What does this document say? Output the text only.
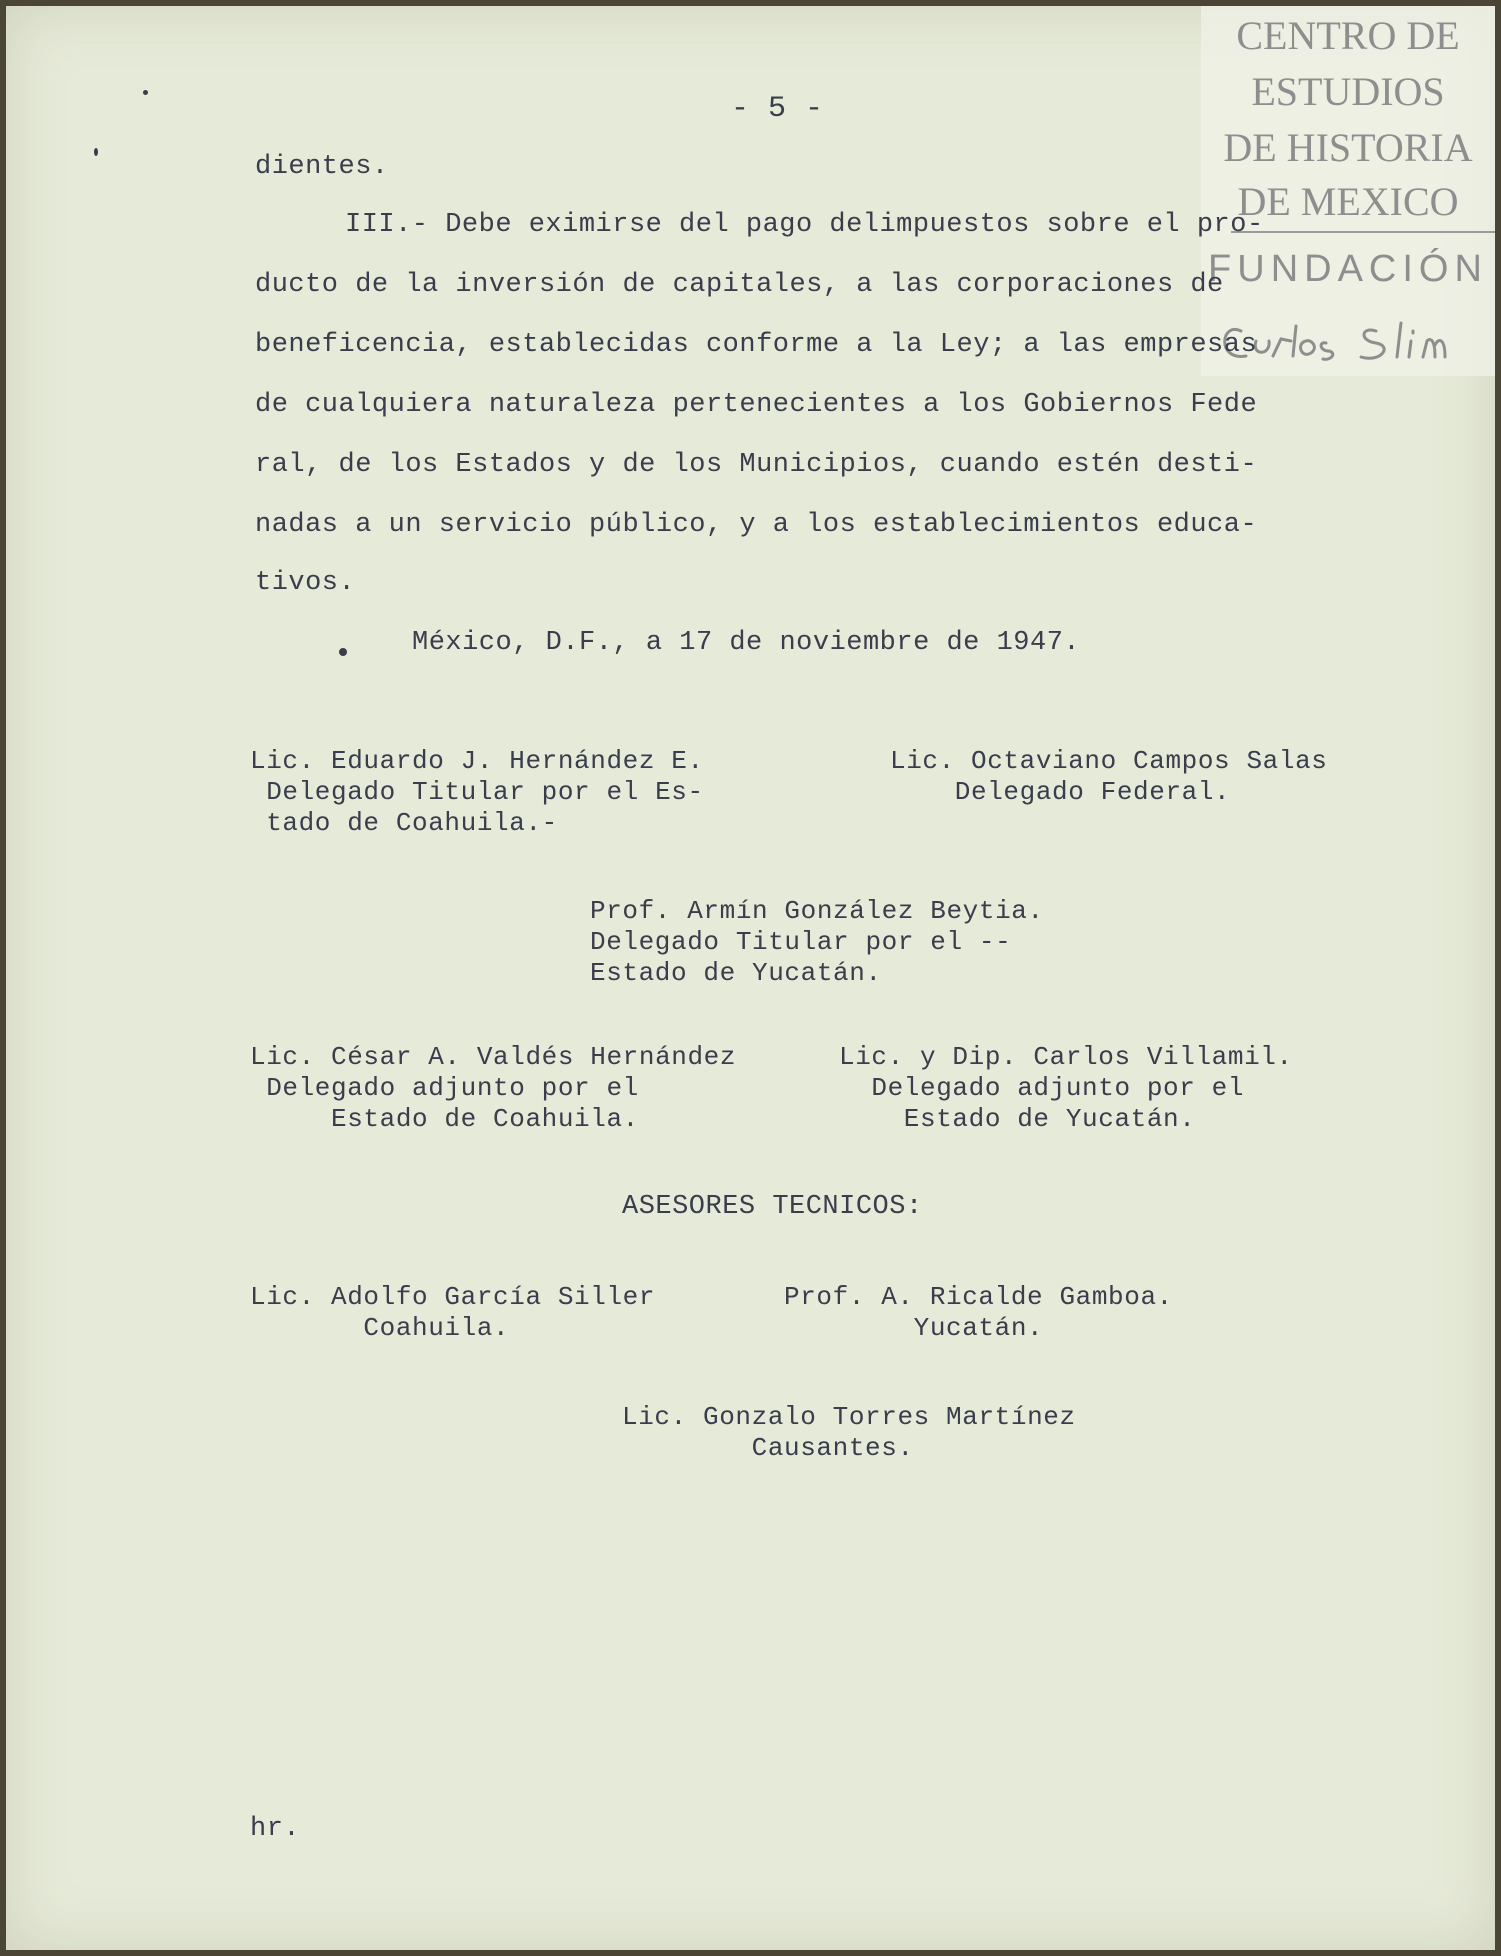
CENTRO DE
ESTUDIOS
DE HISTORIA
DE MEXICO
FUNDACIÓN
- 5 -
dientes.
III.- Debe eximirse del pago delimpuestos sobre el pro-
ducto de la inversión de capitales, a las corporaciones de
beneficencia, establecidas conforme a la Ley; a las empresas
de cualquiera naturaleza pertenecientes a los Gobiernos Fede
ral, de los Estados y de los Municipios, cuando estén desti-
nadas a un servicio público, y a los establecimientos educa-
tivos.
México, D.F., a 17 de noviembre de 1947.
Lic. Eduardo J. Hernández E.
Delegado Titular por el Es-
tado de Coahuila.-
Lic. Octaviano Campos Salas
Delegado Federal.
Prof. Armín González Beytia.
Delegado Titular por el --
Estado de Yucatán.
Lic. César A. Valdés Hernández
Delegado adjunto por el
Estado de Coahuila.
Lic. y Dip. Carlos Villamil.
Delegado adjunto por el
Estado de Yucatán.
ASESORES TECNICOS:
Lic. Adolfo García Siller
Coahuila.
Prof. A. Ricalde Gamboa.
Yucatán.
Lic. Gonzalo Torres Martínez
Causantes.
hr.
